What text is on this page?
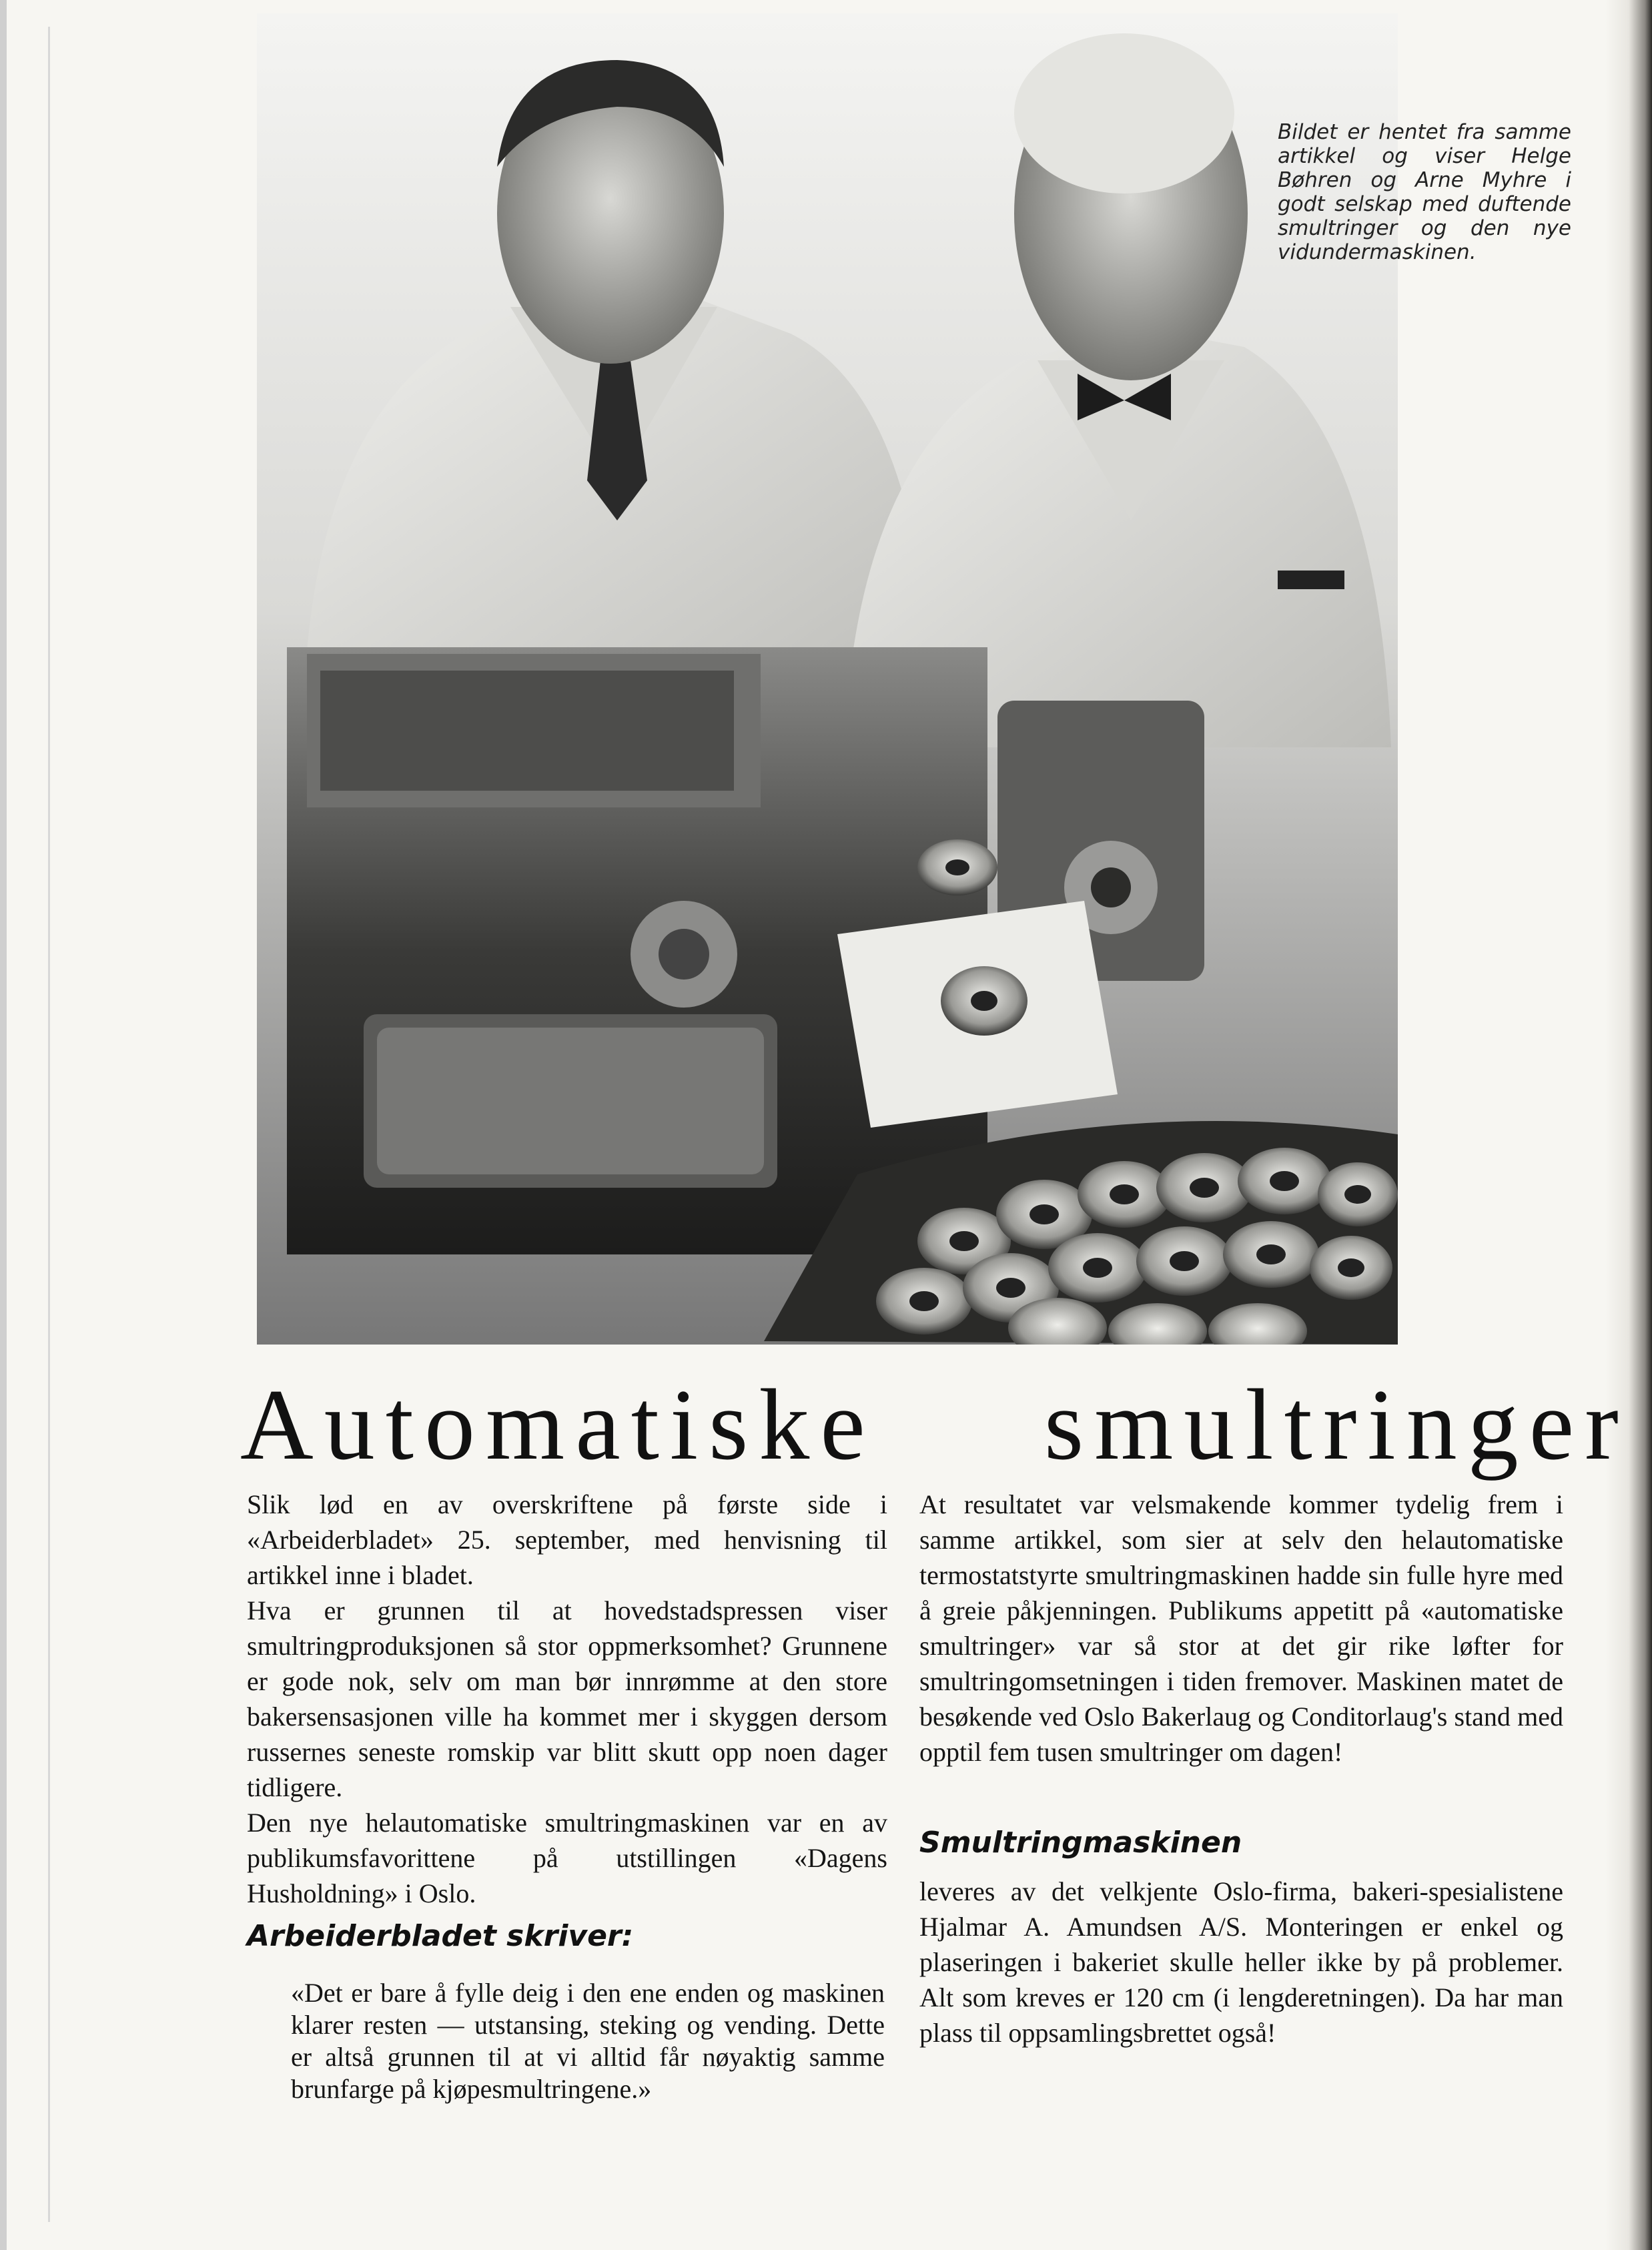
Bildet er hentet fra samme artikkel og viser Helge Bøhren og Arne Myhre i godt selskap med duftende smultringer og den nye vidundermaskinen.
Automatiske smultringer

Slik lød en av overskriftene på første side i «Arbeiderbladet» 25. september, med henvisning til artikkel inne i bladet.

Hva er grunnen til at hovedstadspressen viser smultringproduksjonen så stor oppmerksomhet? Grunnene er gode nok, selv om man bør innrømme at den store bakersensasjonen ville ha kommet mer i skyggen dersom russernes seneste romskip var blitt skutt opp noen dager tidligere.

Den nye helautomatiske smultringmaskinen var en av publikumsfavorittene på utstillingen «Dagens Husholdning» i Oslo.

Arbeiderbladet skriver:

«Det er bare å fylle deig i den ene enden og maskinen klarer resten — utstansing, steking og vending. Dette er altså grunnen til at vi alltid får nøyaktig samme brunfarge på kjøpesmultringene.»

At resultatet var velsmakende kommer tydelig frem i samme artikkel, som sier at selv den helautomatiske termostatstyrte smultringmaskinen hadde sin fulle hyre med å greie påkjenningen. Publikums appetitt på «automatiske smultringer» var så stor at det gir rike løfter for smultringomsetningen i tiden fremover. Maskinen matet de besøkende ved Oslo Bakerlaug og Conditorlaug's stand med opptil fem tusen smultringer om dagen!

Smultringmaskinen

leveres av det velkjente Oslo-firma, bakeri-spesialistene Hjalmar A. Amundsen A/S. Monteringen er enkel og plaseringen i bakeriet skulle heller ikke by på problemer. Alt som kreves er 120 cm (i lengderetningen). Da har man plass til oppsamlingsbrettet også!
